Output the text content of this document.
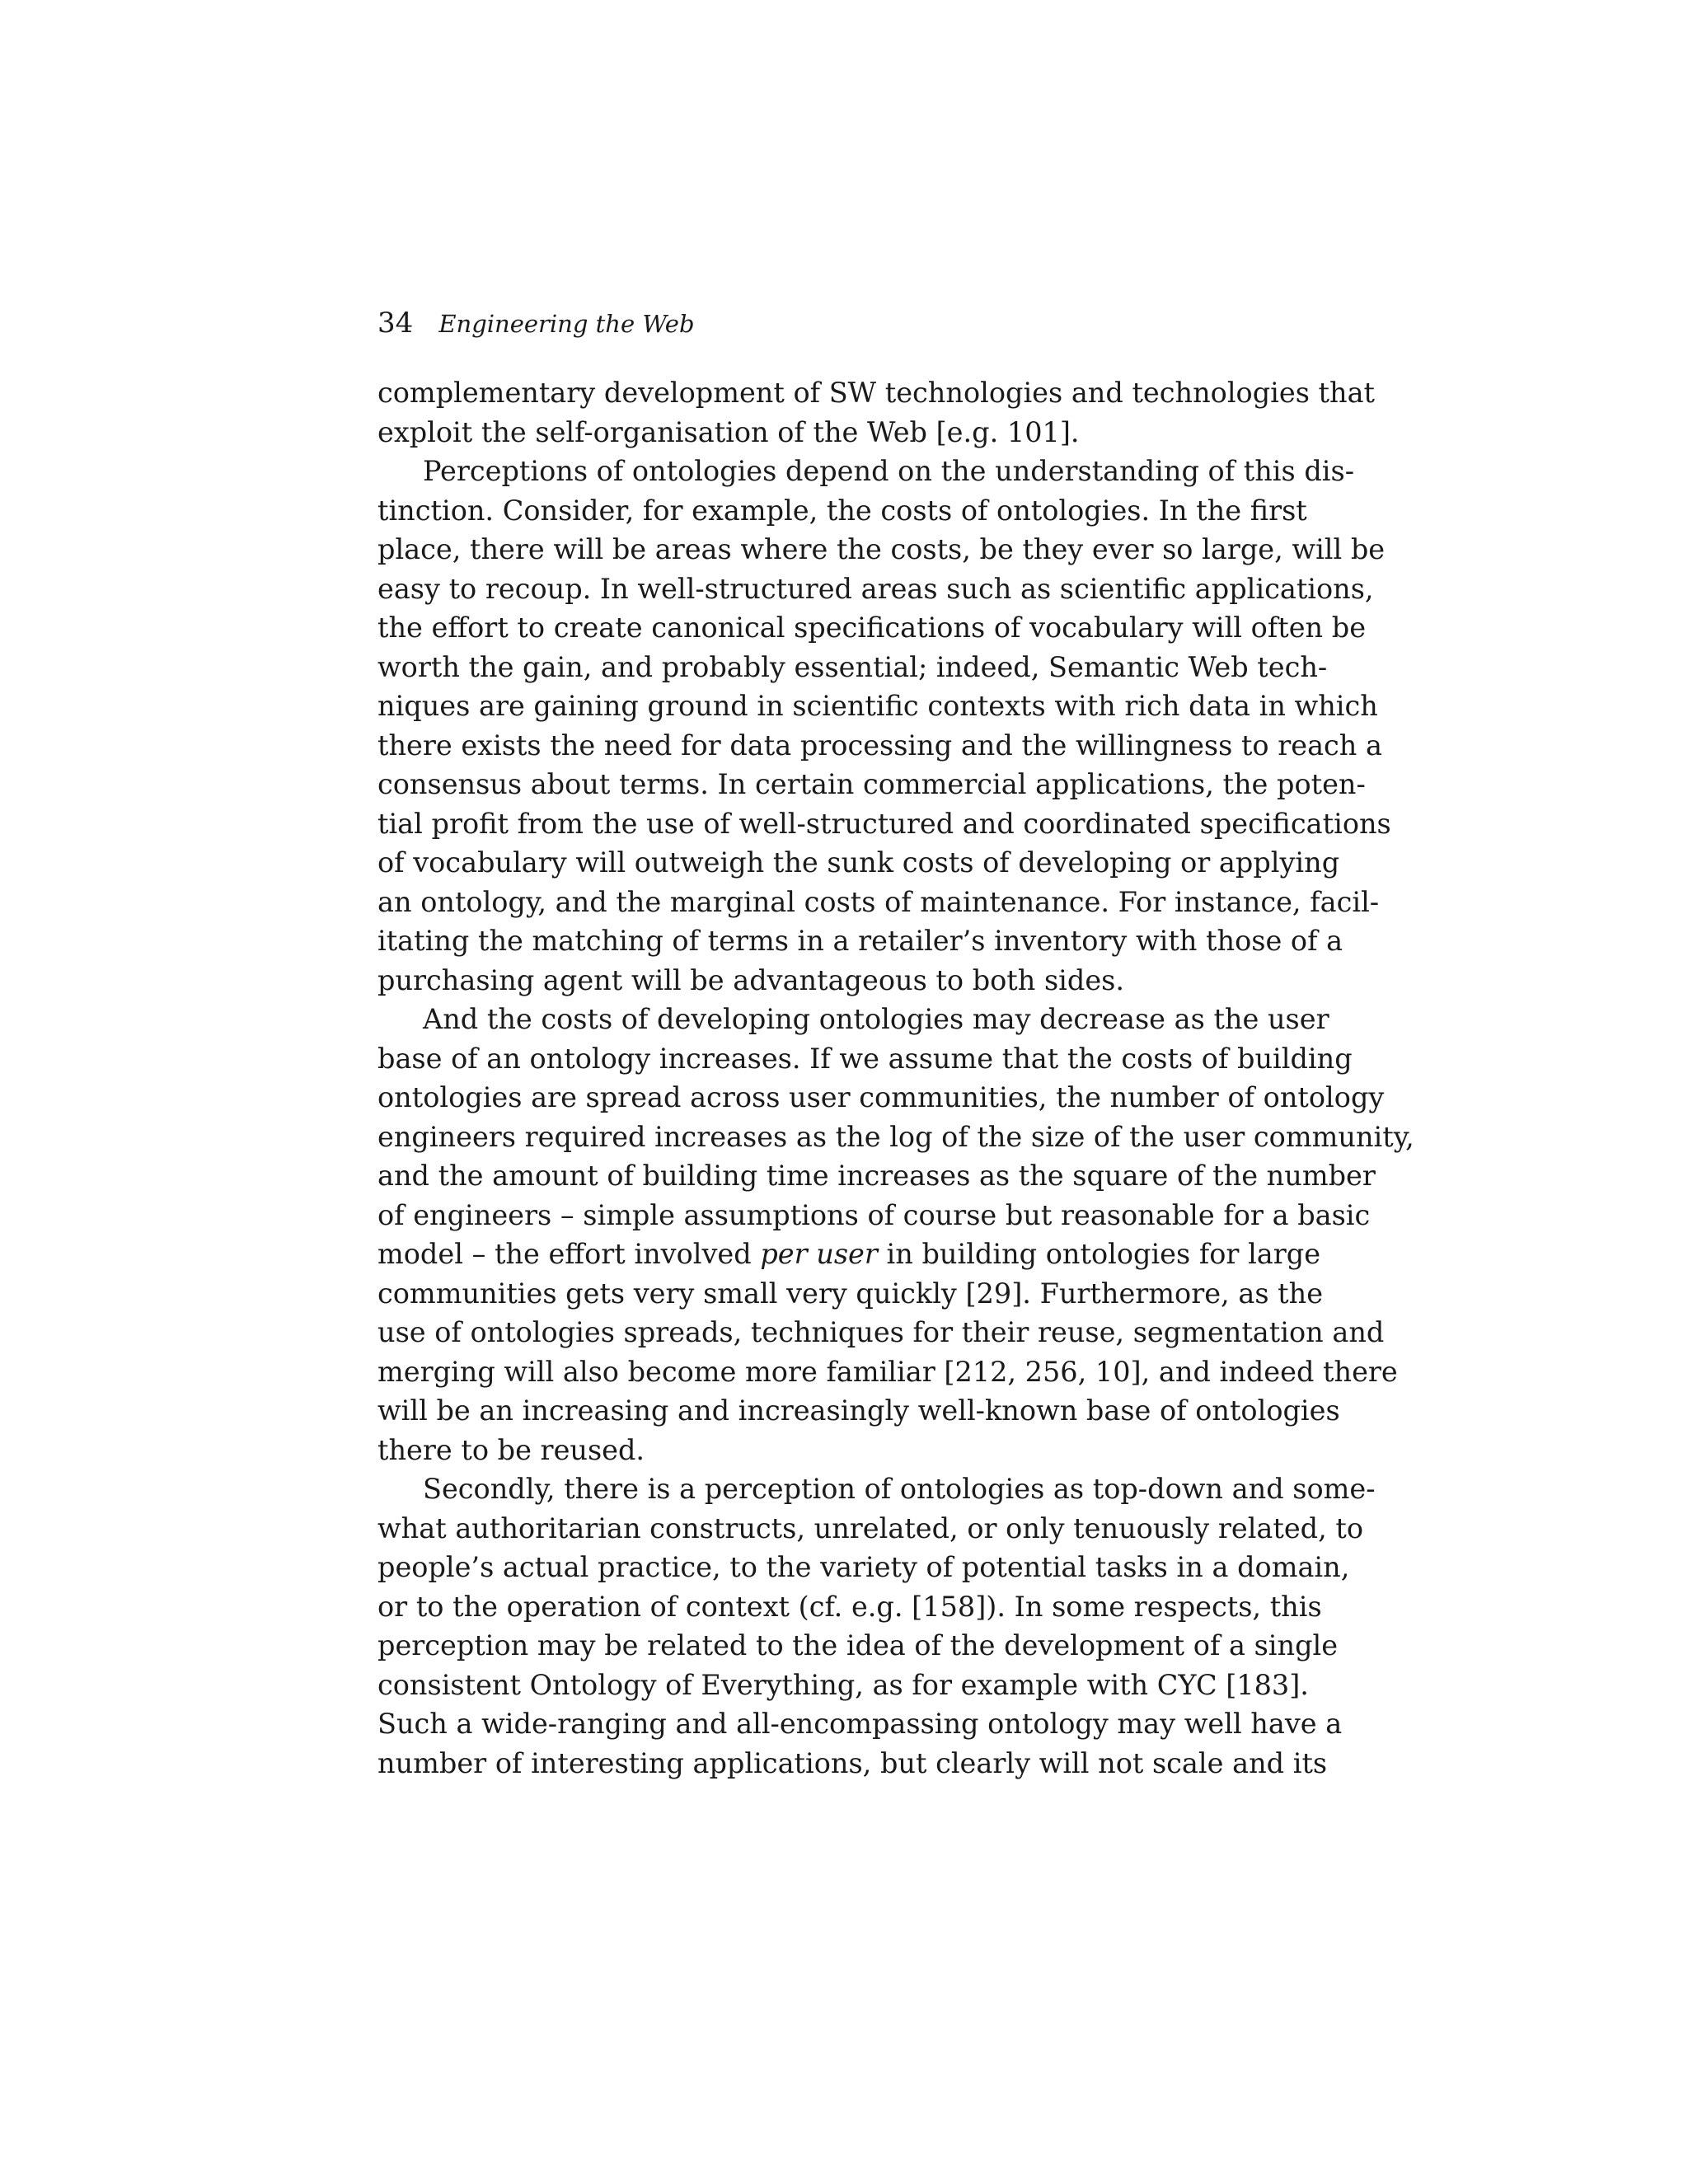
34 Engineering the Web

complementary development of SW technologies and technologies that
exploit the self-organisation of the Web [e.g. 101].

Perceptions of ontologies depend on the understanding of this dis-
tinction. Consider, for example, the costs of ontologies. In the first
place, there will be areas where the costs, be they ever so large, will be
easy to recoup. In well-structured areas such as scientific applications,
the effort to create canonical specifications of vocabulary will often be
worth the gain, and probably essential; indeed, Semantic Web tech-
niques are gaining ground in scientific contexts with rich data in which
there exists the need for data processing and the willingness to reach a
consensus about terms. In certain commercial applications, the poten-
tial profit from the use of well-structured and coordinated specifications
of vocabulary will outweigh the sunk costs of developing or applying
an ontology, and the marginal costs of maintenance. For instance, facil-
itating the matching of terms in a retailer’s inventory with those of a
purchasing agent will be advantageous to both sides.

And the costs of developing ontologies may decrease as the user
base of an ontology increases. If we assume that the costs of building
ontologies are spread across user communities, the number of ontology
engineers required increases as the log of the size of the user community,
and the amount of building time increases as the square of the number
of engineers – simple assumptions of course but reasonable for a basic
model – the effort involved per user in building ontologies for large
communities gets very small very quickly [29]. Furthermore, as the
use of ontologies spreads, techniques for their reuse, segmentation and
merging will also become more familiar [212, 256, 10], and indeed there
will be an increasing and increasingly well-known base of ontologies
there to be reused.

Secondly, there is a perception of ontologies as top-down and some-
what authoritarian constructs, unrelated, or only tenuously related, to
people’s actual practice, to the variety of potential tasks in a domain,
or to the operation of context (cf. e.g. [158]). In some respects, this
perception may be related to the idea of the development of a single
consistent Ontology of Everything, as for example with CYC [183].
Such a wide-ranging and all-encompassing ontology may well have a
number of interesting applications, but clearly will not scale and its
